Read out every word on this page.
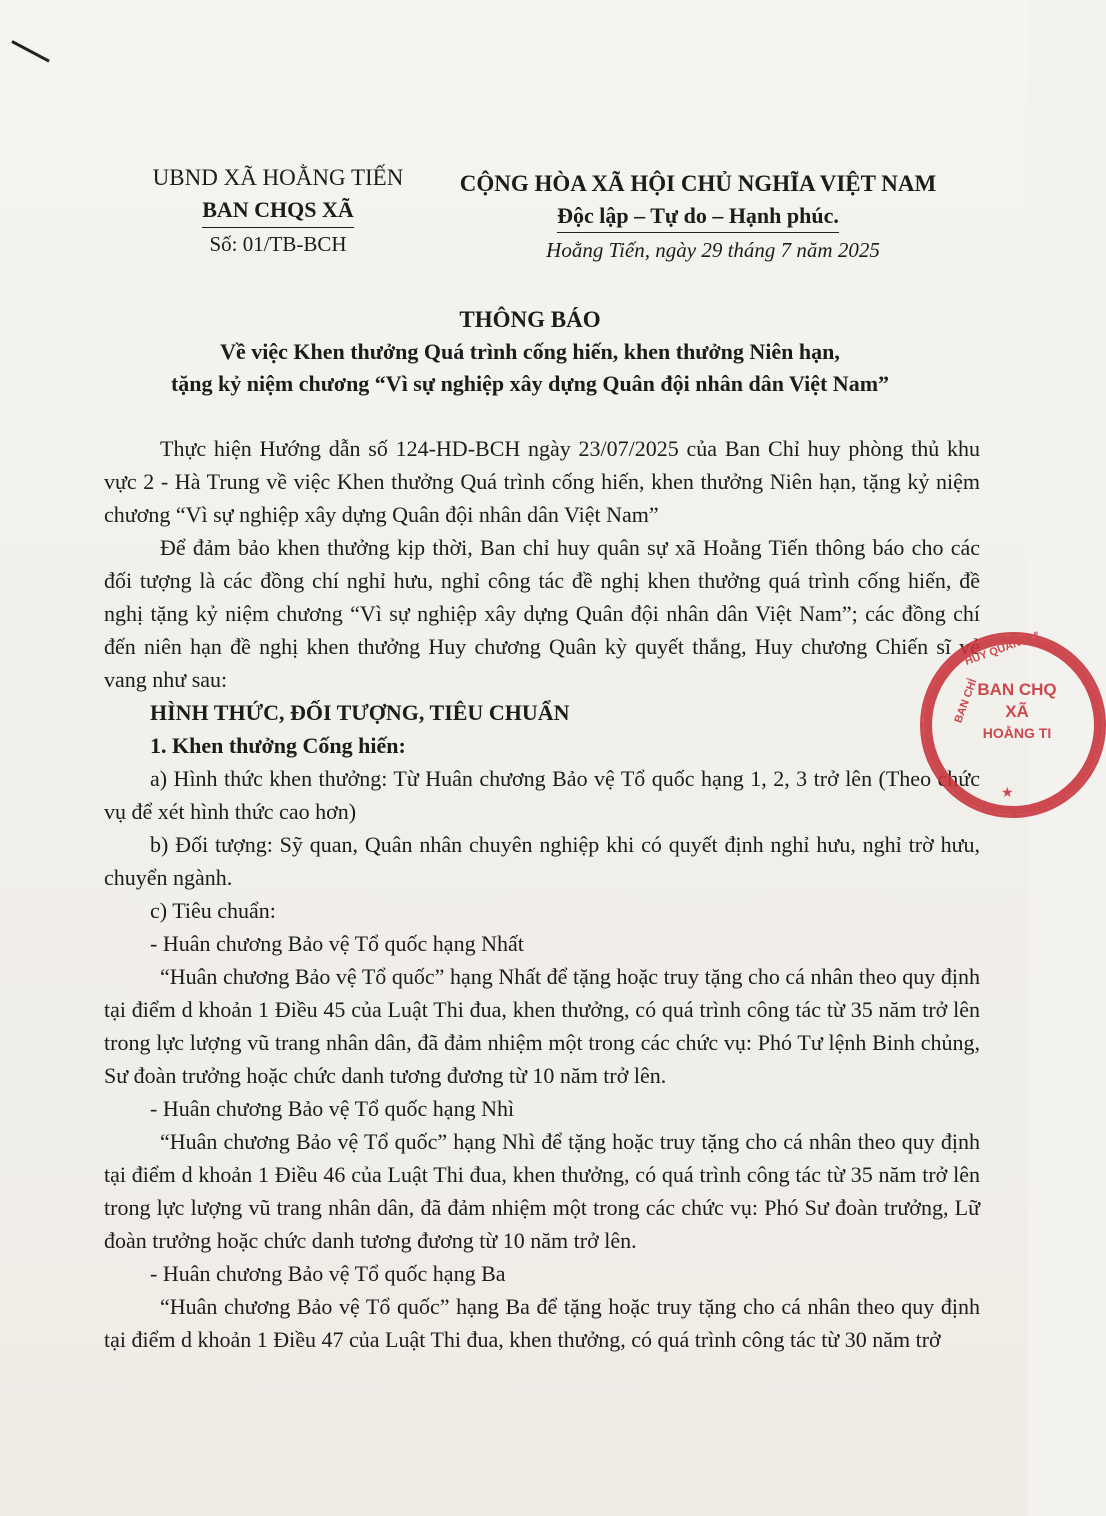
UBND XÃ HOẰNG TIẾN
BAN CHQS XÃ
Số: 01/TB-BCH
CỘNG HÒA XÃ HỘI CHỦ NGHĨA VIỆT NAM
Độc lập – Tự do – Hạnh phúc.
Hoằng Tiến, ngày 29 tháng 7 năm 2025
THÔNG BÁO
Về việc Khen thưởng Quá trình cống hiến, khen thưởng Niên hạn,
tặng kỷ niệm chương “Vì sự nghiệp xây dựng Quân đội nhân dân Việt Nam”

Thực hiện Hướng dẫn số 124-HD-BCH ngày 23/07/2025 của Ban Chỉ huy phòng thủ khu vực 2 - Hà Trung về việc Khen thưởng Quá trình cống hiến, khen thưởng Niên hạn, tặng kỷ niệm chương “Vì sự nghiệp xây dựng Quân đội nhân dân Việt Nam”

Để đảm bảo khen thưởng kịp thời, Ban chỉ huy quân sự xã Hoằng Tiến thông báo cho các đối tượng là các đồng chí nghỉ hưu, nghỉ công tác đề nghị khen thưởng quá trình cống hiến, đề nghị tặng kỷ niệm chương “Vì sự nghiệp xây dựng Quân đội nhân dân Việt Nam”; các đồng chí đến niên hạn đề nghị khen thưởng Huy chương Quân kỳ quyết thắng, Huy chương Chiến sĩ vẻ vang như sau:

HÌNH THỨC, ĐỐI TƯỢNG, TIÊU CHUẨN

1. Khen thưởng Cống hiến:

a) Hình thức khen thưởng: Từ Huân chương Bảo vệ Tổ quốc hạng 1, 2, 3 trở lên (Theo chức vụ để xét hình thức cao hơn)

b) Đối tượng: Sỹ quan, Quân nhân chuyên nghiệp khi có quyết định nghỉ hưu, nghỉ trờ hưu, chuyển ngành.

c) Tiêu chuẩn:

- Huân chương Bảo vệ Tổ quốc hạng Nhất

“Huân chương Bảo vệ Tổ quốc” hạng Nhất để tặng hoặc truy tặng cho cá nhân theo quy định tại điểm d khoản 1 Điều 45 của Luật Thi đua, khen thưởng, có quá trình công tác từ 35 năm trở lên trong lực lượng vũ trang nhân dân, đã đảm nhiệm một trong các chức vụ: Phó Tư lệnh Binh chủng, Sư đoàn trưởng hoặc chức danh tương đương từ 10 năm trở lên.

- Huân chương Bảo vệ Tổ quốc hạng Nhì

“Huân chương Bảo vệ Tổ quốc” hạng Nhì để tặng hoặc truy tặng cho cá nhân theo quy định tại điểm d khoản 1 Điều 46 của Luật Thi đua, khen thưởng, có quá trình công tác từ 35 năm trở lên trong lực lượng vũ trang nhân dân, đã đảm nhiệm một trong các chức vụ: Phó Sư đoàn trưởng, Lữ đoàn trưởng hoặc chức danh tương đương từ 10 năm trở lên.

- Huân chương Bảo vệ Tổ quốc hạng Ba

“Huân chương Bảo vệ Tổ quốc” hạng Ba để tặng hoặc truy tặng cho cá nhân theo quy định tại điểm d khoản 1 Điều 47 của Luật Thi đua, khen thưởng, có quá trình công tác từ 30 năm trở

BAN CHỈ
HUY QUÂN SỰ
BAN CHQ
XÃ
HOẰNG TI
★
